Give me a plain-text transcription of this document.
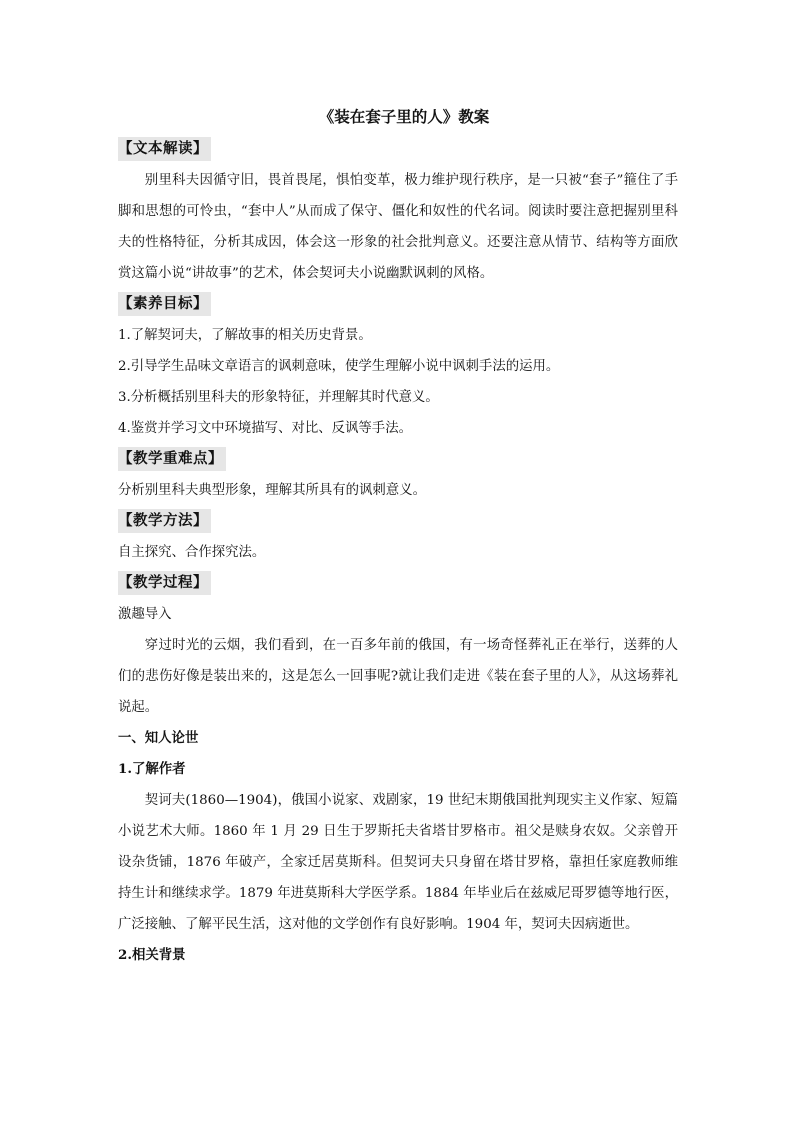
《装在套子里的人》教案
【文本解读】

别里科夫因循守旧，畏首畏尾，惧怕变革，极力维护现行秩序，是一只被“套子”箍住了手脚和思想的可怜虫，“套中人”从而成了保守、僵化和奴性的代名词。阅读时要注意把握别里科夫的性格特征，分析其成因，体会这一形象的社会批判意义。还要注意从情节、结构等方面欣赏这篇小说“讲故事”的艺术，体会契诃夫小说幽默讽刺的风格。

【素养目标】

1.了解契诃夫，了解故事的相关历史背景。

2.引导学生品味文章语言的讽刺意味，使学生理解小说中讽刺手法的运用。

3.分析概括别里科夫的形象特征，并理解其时代意义。

4.鉴赏并学习文中环境描写、对比、反讽等手法。

【教学重难点】

分析别里科夫典型形象，理解其所具有的讽刺意义。

【教学方法】

自主探究、合作探究法。

【教学过程】

激趣导入

穿过时光的云烟，我们看到，在一百多年前的俄国，有一场奇怪葬礼正在举行，送葬的人们的悲伤好像是装出来的，这是怎么一回事呢?就让我们走进《装在套子里的人》，从这场葬礼说起。

一、知人论世

1.了解作者

契诃夫(1860—1904)，俄国小说家、戏剧家，19 世纪末期俄国批判现实主义作家、短篇小说艺术大师。1860 年 1 月 29 日生于罗斯托夫省塔甘罗格市。祖父是赎身农奴。父亲曾开设杂货铺，1876 年破产，全家迁居莫斯科。但契诃夫只身留在塔甘罗格，靠担任家庭教师维持生计和继续求学。1879 年进莫斯科大学医学系。1884 年毕业后在兹威尼哥罗德等地行医，广泛接触、了解平民生活，这对他的文学创作有良好影响。1904 年，契诃夫因病逝世。

2.相关背景
